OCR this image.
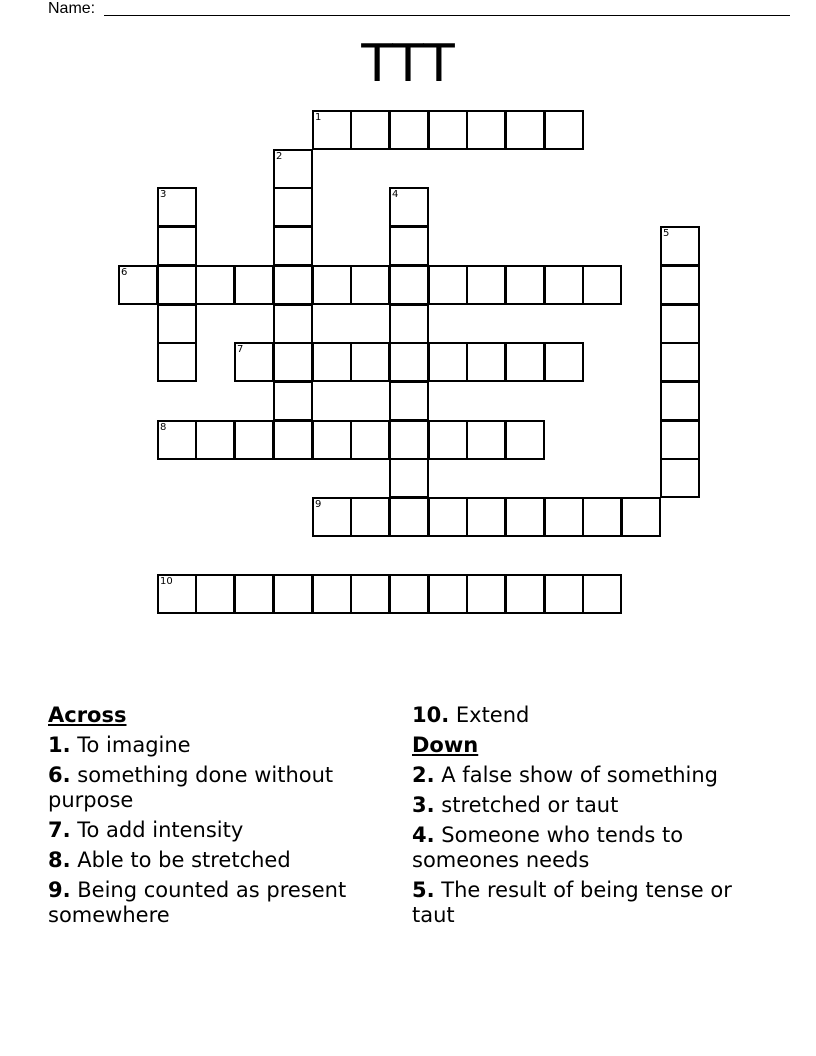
Name:
TTT
1
2
3	4
5
6
7
8
9
10
Across
1. To imagine
6. something done without purpose
7. To add intensity
8. Able to be stretched
9. Being counted as present somewhere
10. Extend
Down
2. A false show of something
3. stretched or taut
4. Someone who tends to someones needs
5. The result of being tense or taut
